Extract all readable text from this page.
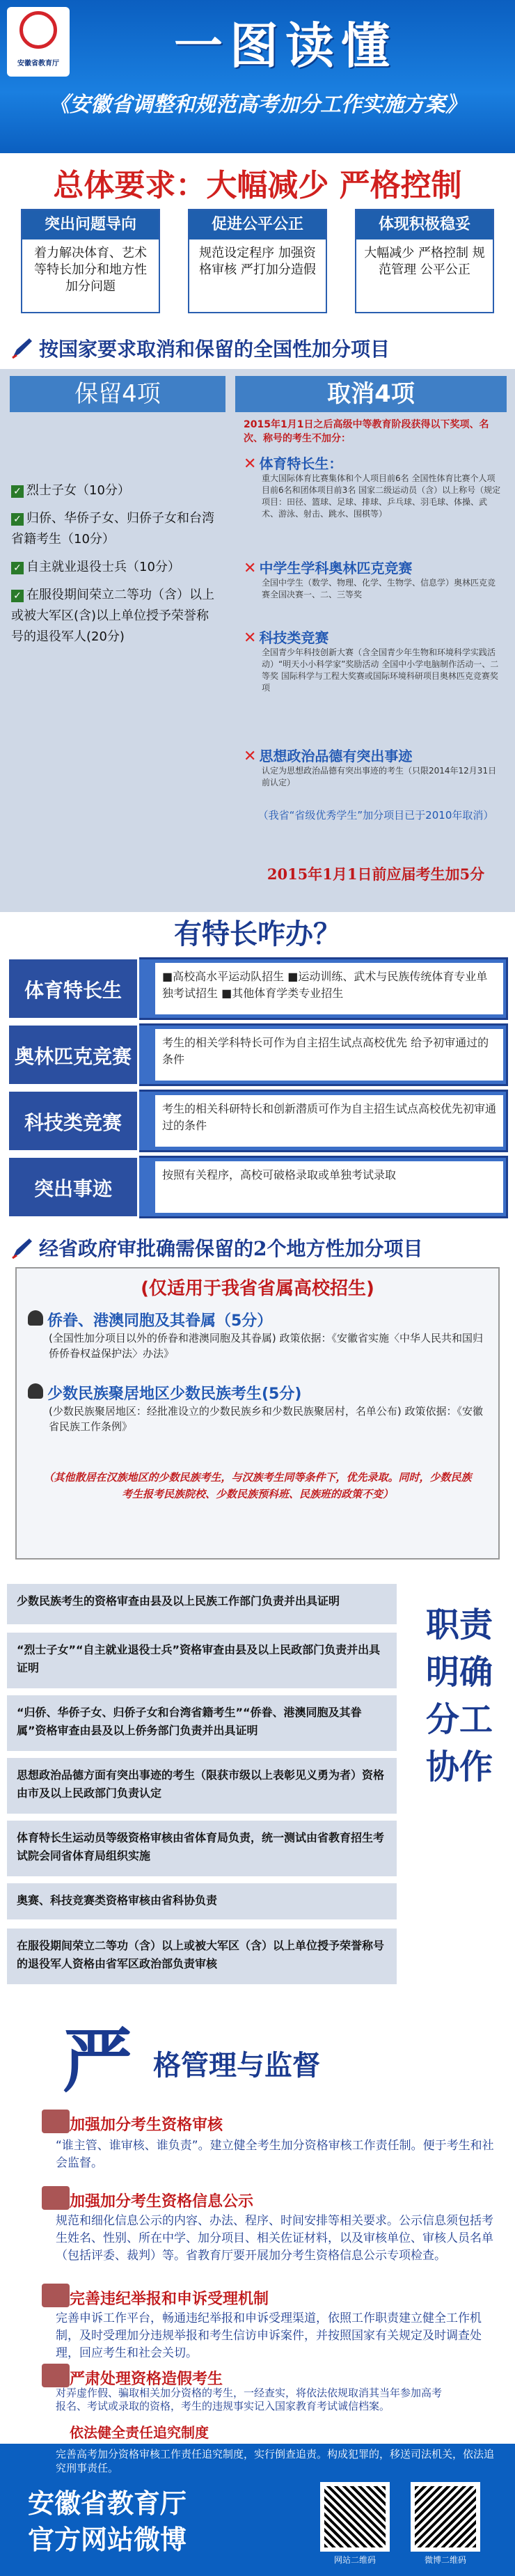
安徽省教育厅 一图读懂
《安徽省调整和规范高考加分工作实施方案》
总体要求：大幅减少 严格控制
突出问题导向
着力解决体育、艺术等特长加分和地方性加分问题
促进公平公正
规范设定程序 加强资格审核 严打加分造假
体现积极稳妥
大幅减少 严格控制 规范管理 公平公正
按国家要求取消和保留的全国性加分项目
保留4项	取消4项
✓ 烈士子女（10分）
✓ 归侨、华侨子女、归侨子女和台湾省籍考生（10分）
✓ 自主就业退役士兵（10分）
✓ 在服役期间荣立二等功（含）以上或被大军区(含)以上单位授予荣誉称号的退役军人(20分)
2015年1月1日之后高级中等教育阶段获得以下奖项、名次、称号的考生不加分：
✕ 体育特长生：
重大国际体育比赛集体和个人项目前6名 全国性体育比赛个人项目前6名和团体项目前3名 国家二级运动员（含）以上称号（规定项目：田径、篮球、足球、排球、乒乓球、羽毛球、体操、武术、游泳、射击、跳水、围棋等）
✕ 中学生学科奥林匹克竞赛
全国中学生（数学、物理、化学、生物学、信息学）奥林匹克竞赛全国决赛一、二、三等奖
✕ 科技类竞赛
全国青少年科技创新大赛（含全国青少年生物和环境科学实践活动）“明天小小科学家”奖励活动 全国中小学电脑制作活动一、二等奖 国际科学与工程大奖赛或国际环境科研项目奥林匹克竞赛奖项
✕ 思想政治品德有突出事迹
认定为思想政治品德有突出事迹的考生（只限2014年12月31日前认定）
（我省“省级优秀学生”加分项目已于2010年取消）
2015年1月1日前应届考生加5分
有特长咋办？
体育特长生
■高校高水平运动队招生 ■运动训练、武术与民族传统体育专业单独考试招生 ■其他体育学类专业招生
奥林匹克竞赛
考生的相关学科特长可作为自主招生试点高校优先 给予初审通过的条件
科技类竞赛
考生的相关科研特长和创新潜质可作为自主招生试点高校优先初审通过的条件
突出事迹
按照有关程序，高校可破格录取或单独考试录取
经省政府审批确需保留的2个地方性加分项目
(仅适用于我省省属高校招生)
侨眷、港澳同胞及其眷属（5分）
(全国性加分项目以外的侨眷和港澳同胞及其眷属) 政策依据：《安徽省实施〈中华人民共和国归侨侨眷权益保护法〉办法》
少数民族聚居地区少数民族考生(5分)
(少数民族聚居地区：经批准设立的少数民族乡和少数民族聚居村，名单公布) 政策依据：《安徽省民族工作条例》
（其他散居在汉族地区的少数民族考生，与汉族考生同等条件下，优先录取。同时，少数民族考生报考民族院校、少数民族预科班、民族班的政策不变）
少数民族考生的资格审查由县及以上民族工作部门负责并出具证明
“烈士子女”“自主就业退役士兵”资格审查由县及以上民政部门负责并出具证明
“归侨、华侨子女、归侨子女和台湾省籍考生”“侨眷、港澳同胞及其眷属”资格审查由县及以上侨务部门负责并出具证明
思想政治品德方面有突出事迹的考生（限获市级以上表彰见义勇为者）资格由市及以上民政部门负责认定
体育特长生运动员等级资格审核由省体育局负责，统一测试由省教育招生考试院会同省体育局组织实施
奥赛、科技竞赛类资格审核由省科协负责
在服役期间荣立二等功（含）以上或被大军区（含）以上单位授予荣誉称号的退役军人资格由省军区政治部负责审核
职责明确 分工协作
严 格管理与监督
加强加分考生资格审核
“谁主管、谁审核、谁负责”。建立健全考生加分资格审核工作责任制。便于考生和社会监督。
加强加分考生资格信息公示
规范和细化信息公示的内容、办法、程序、时间安排等相关要求。公示信息须包括考生姓名、性别、所在中学、加分项目、相关佐证材料，以及审核单位、审核人员名单（包括评委、裁判）等。省教育厅要开展加分考生资格信息公示专项检查。
完善违纪举报和申诉受理机制
完善申诉工作平台，畅通违纪举报和申诉受理渠道，依照工作职责建立健全工作机制，及时受理加分违规举报和考生信访申诉案件，并按照国家有关规定及时调查处理，回应考生和社会关切。
严肃处理资格造假考生
对弄虚作假、骗取相关加分资格的考生，一经查实，将依法依规取消其当年参加高考报名、考试或录取的资格，考生的违规事实记入国家教育考试诚信档案。
依法健全责任追究制度
完善高考加分资格审核工作责任追究制度，实行倒查追责。构成犯罪的，移送司法机关，依法追究刑事责任。
安徽省教育厅
官方网站微博
网站二维码	微博二维码
